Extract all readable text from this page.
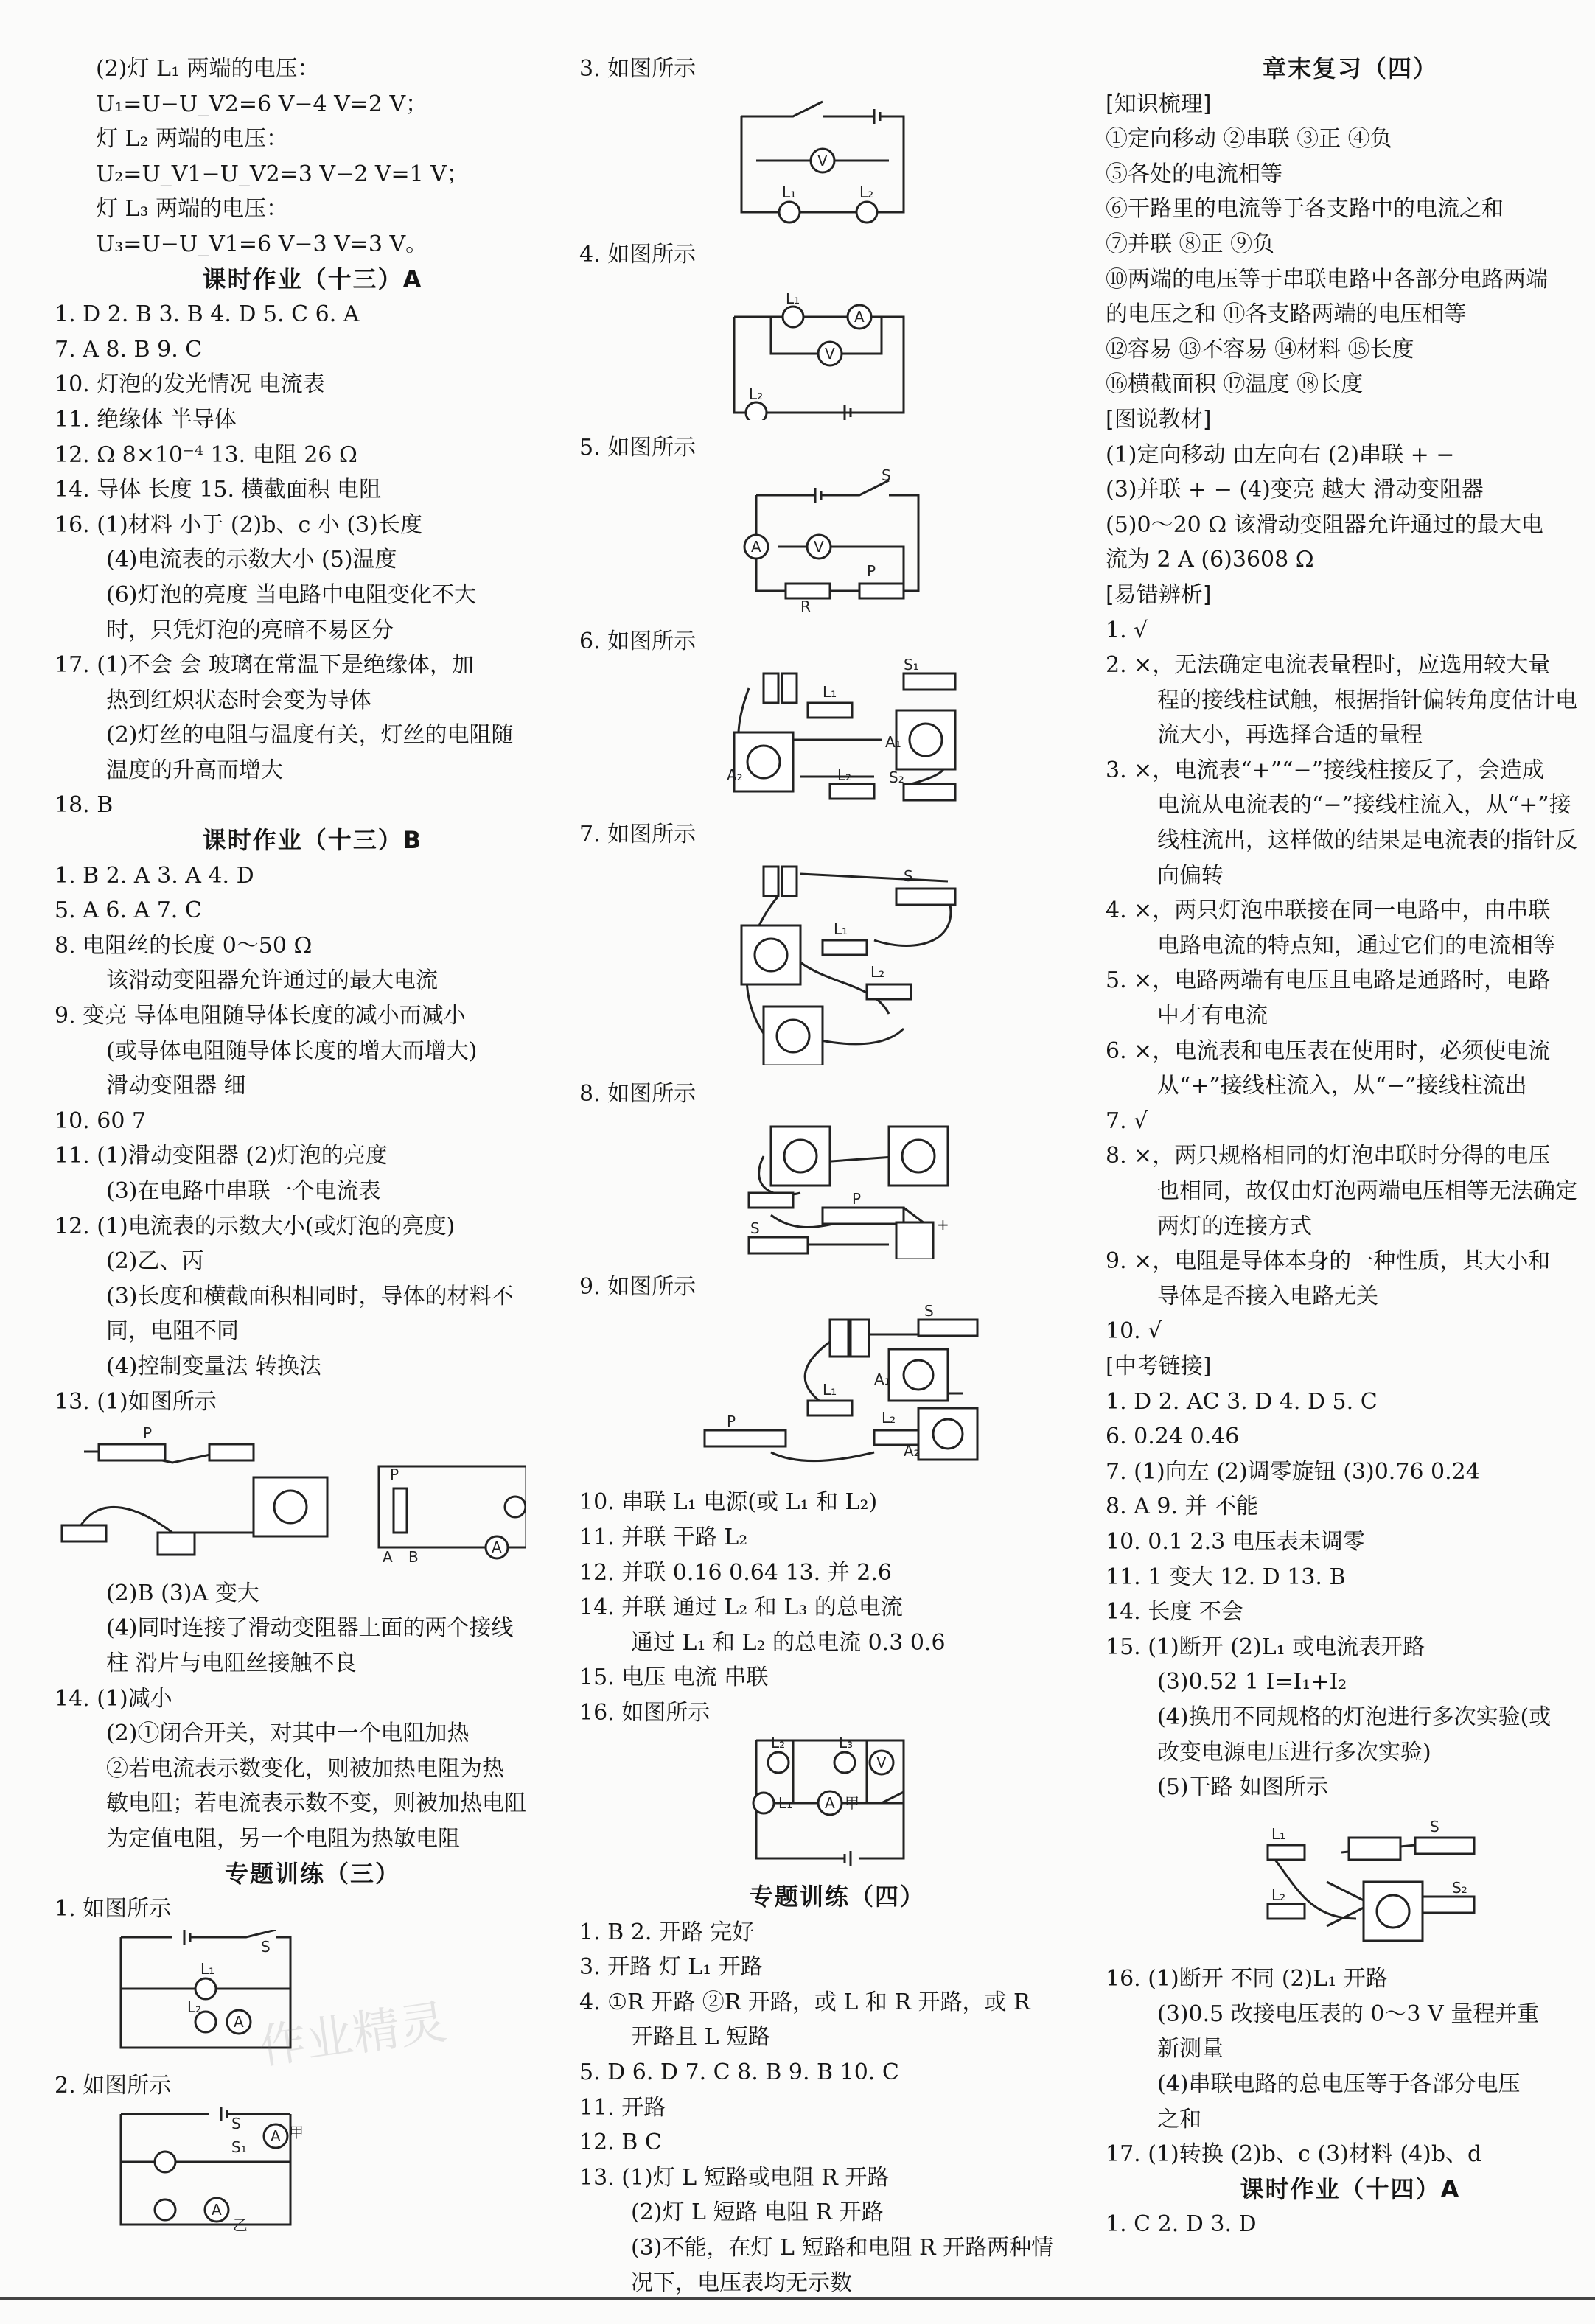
(2)灯 L₁ 两端的电压：
U₁=U−U_V2=6 V−4 V=2 V；
灯 L₂ 两端的电压：
U₂=U_V1−U_V2=3 V−2 V=1 V；
灯 L₃ 两端的电压：
U₃=U−U_V1=6 V−3 V=3 V。
课时作业（十三）A
1. D 2. B 3. B 4. D 5. C 6. A
7. A 8. B 9. C
10. 灯泡的发光情况 电流表
11. 绝缘体 半导体
12. Ω 8×10⁻⁴ 13. 电阻 26 Ω
14. 导体 长度 15. 横截面积 电阻
16. (1)材料 小于 (2)b、c 小 (3)长度
(4)电流表的示数大小 (5)温度
(6)灯泡的亮度 当电路中电阻变化不大
时，只凭灯泡的亮暗不易区分
17. (1)不会 会 玻璃在常温下是绝缘体，加
热到红炽状态时会变为导体
(2)灯丝的电阻与温度有关，灯丝的电阻随
温度的升高而增大
18. B
课时作业（十三）B
1. B 2. A 3. A 4. D
5. A 6. A 7. C
8. 电阻丝的长度 0～50 Ω
该滑动变阻器允许通过的最大电流
9. 变亮 导体电阻随导体长度的减小而减小
(或导体电阻随导体长度的增大而增大)
滑动变阻器 细
10. 60 7
11. (1)滑动变阻器 (2)灯泡的亮度
(3)在电路中串联一个电流表
12. (1)电流表的示数大小(或灯泡的亮度)
(2)乙、丙
(3)长度和横截面积相同时，导体的材料不
同，电阻不同
(4)控制变量法 转换法
13. (1)如图所示
P
P
A B
A
(2)B (3)A 变大
(4)同时连接了滑动变阻器上面的两个接线
柱 滑片与电阻丝接触不良
14. (1)减小
(2)①闭合开关，对其中一个电阻加热
②若电流表示数变化，则被加热电阻为热
敏电阻；若电流表示数不变，则被加热电阻
为定值电阻，另一个电阻为热敏电阻
专题训练（三）
1. 如图所示
A
S
L₁
L₂
2. 如图所示
A 甲
A
乙
S
S₁
3. 如图所示
V
L₁	L₂
4. 如图所示
L₁
A
V
L₂
5. 如图所示
A	V
R
P
S
6. 如图所示
S₁
L₁
A₂
A₁
L₂	S₂
7. 如图所示
S
L₁
L₂
8. 如图所示
P
S	+
9. 如图所示
S
A₁
L₁
L₂
A₂
P
10. 串联 L₁ 电源(或 L₁ 和 L₂)
11. 并联 干路 L₂
12. 并联 0.16 0.64 13. 并 2.6
14. 并联 通过 L₂ 和 L₃ 的总电流
通过 L₁ 和 L₂ 的总电流 0.3 0.6
15. 电压 电流 串联
16. 如图所示
L₂	L₃
V
L₁ A 甲
专题训练（四）
1. B 2. 开路 完好
3. 开路 灯 L₁ 开路
4. ①R 开路 ②R 开路，或 L 和 R 开路，或 R
开路且 L 短路
5. D 6. D 7. C 8. B 9. B 10. C
11. 开路
12. B C
13. (1)灯 L 短路或电阻 R 开路
(2)灯 L 短路 电阻 R 开路
(3)不能，在灯 L 短路和电阻 R 开路两种情
况下，电压表均无示数
章末复习（四）
[知识梳理]
①定向移动 ②串联 ③正 ④负
⑤各处的电流相等
⑥干路里的电流等于各支路中的电流之和
⑦并联 ⑧正 ⑨负
⑩两端的电压等于串联电路中各部分电路两端
的电压之和 ⑪各支路两端的电压相等
⑫容易 ⑬不容易 ⑭材料 ⑮长度
⑯横截面积 ⑰温度 ⑱长度
[图说教材]
(1)定向移动 由左向右 (2)串联 + −
(3)并联 + − (4)变亮 越大 滑动变阻器
(5)0～20 Ω 该滑动变阻器允许通过的最大电
流为 2 A (6)3608 Ω
[易错辨析]
1. √
2. ×，无法确定电流表量程时，应选用较大量
程的接线柱试触，根据指针偏转角度估计电
流大小，再选择合适的量程
3. ×，电流表“+”“−”接线柱接反了，会造成
电流从电流表的“−”接线柱流入，从“+”接
线柱流出，这样做的结果是电流表的指针反
向偏转
4. ×，两只灯泡串联接在同一电路中，由串联
电路电流的特点知，通过它们的电流相等
5. ×，电路两端有电压且电路是通路时，电路
中才有电流
6. ×，电流表和电压表在使用时，必须使电流
从“+”接线柱流入，从“−”接线柱流出
7. √
8. ×，两只规格相同的灯泡串联时分得的电压
也相同，故仅由灯泡两端电压相等无法确定
两灯的连接方式
9. ×，电阻是导体本身的一种性质，其大小和
导体是否接入电路无关
10. √
[中考链接]
1. D 2. AC 3. D 4. D 5. C
6. 0.24 0.46
7. (1)向左 (2)调零旋钮 (3)0.76 0.24
8. A 9. 并 不能
10. 0.1 2.3 电压表未调零
11. 1 变大 12. D 13. B
14. 长度 不会
15. (1)断开 (2)L₁ 或电流表开路
(3)0.52 1 I=I₁+I₂
(4)换用不同规格的灯泡进行多次实验(或
改变电源电压进行多次实验)
(5)干路 如图所示
L₁	S
L₂	S₂
16. (1)断开 不同 (2)L₁ 开路
(3)0.5 改接电压表的 0～3 V 量程并重
新测量
(4)串联电路的总电压等于各部分电压
之和
17. (1)转换 (2)b、c (3)材料 (4)b、d
课时作业（十四）A
1. C 2. D 3. D
作业精灵
